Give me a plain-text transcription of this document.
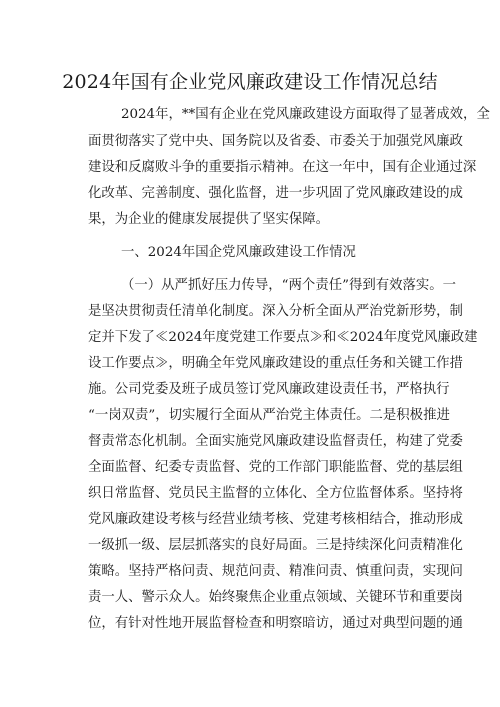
2024年国有企业党风廉政建设工作情况总结
2024年，**国有企业在党风廉政建设方面取得了显著成效，全
面贯彻落实了党中央、国务院以及省委、市委关于加强党风廉政
建设和反腐败斗争的重要指示精神。在这一年中，国有企业通过深
化改革、完善制度、强化监督，进一步巩固了党风廉政建设的成
果，为企业的健康发展提供了坚实保障。
一、2024年国企党风廉政建设工作情况
（一）从严抓好压力传导，“两个责任”得到有效落实。一
是坚决贯彻责任清单化制度。深入分析全面从严治党新形势，制
定并下发了≪2024年度党建工作要点≫和≪2024年度党风廉政建
设工作要点≫，明确全年党风廉政建设的重点任务和关键工作措
施。公司党委及班子成员签订党风廉政建设责任书，严格执行
“一岗双责”，切实履行全面从严治党主体责任。二是积极推进
督责常态化机制。全面实施党风廉政建设监督责任，构建了党委
全面监督、纪委专责监督、党的工作部门职能监督、党的基层组
织日常监督、党员民主监督的立体化、全方位监督体系。坚持将
党风廉政建设考核与经营业绩考核、党建考核相结合，推动形成
一级抓一级、层层抓落实的良好局面。三是持续深化问责精准化
策略。坚持严格问责、规范问责、精准问责、慎重问责，实现问
责一人、警示众人。始终聚焦企业重点领域、关键环节和重要岗
位，有针对性地开展监督检查和明察暗访，通过对典型问题的通
